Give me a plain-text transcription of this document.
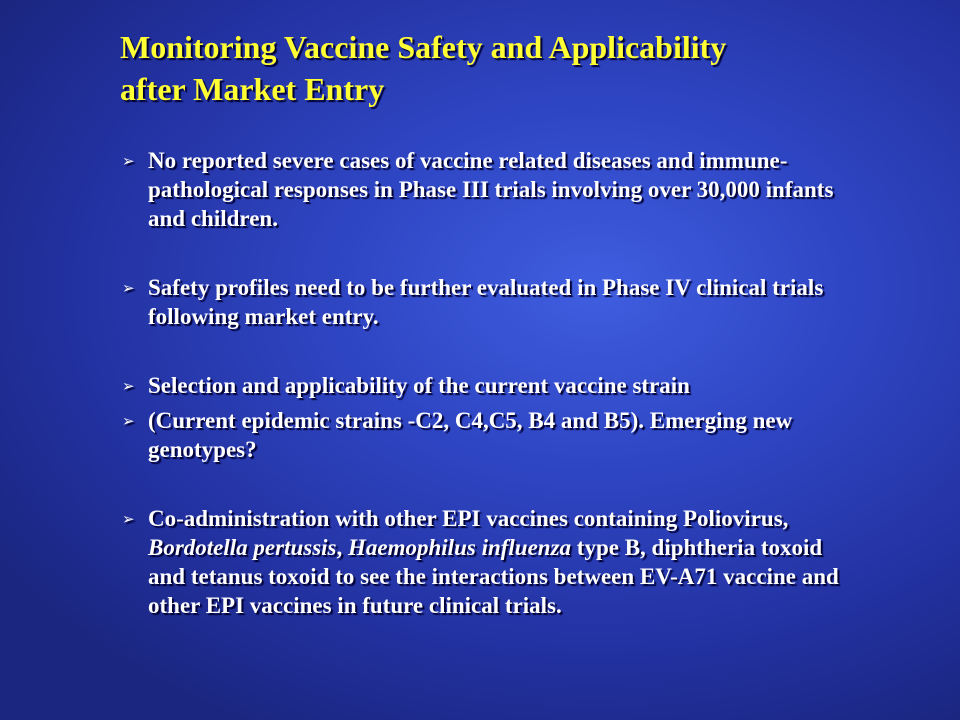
Monitoring Vaccine Safety and Applicability
after Market Entry
➢ No reported severe cases of vaccine related diseases and immune-pathological responses in Phase III trials involving over 30,000 infants and children.
➢ Safety profiles need to be further evaluated in Phase IV clinical trials following market entry.
➢ Selection and applicability of the current vaccine strain
➢ (Current epidemic strains -C2, C4,C5, B4 and B5). Emerging new genotypes?
➢ Co-administration with other EPI vaccines containing Poliovirus, Bordotella pertussis, Haemophilus influenza type B, diphtheria toxoid and tetanus toxoid to see the interactions between EV-A71 vaccine and other EPI vaccines in future clinical trials.
